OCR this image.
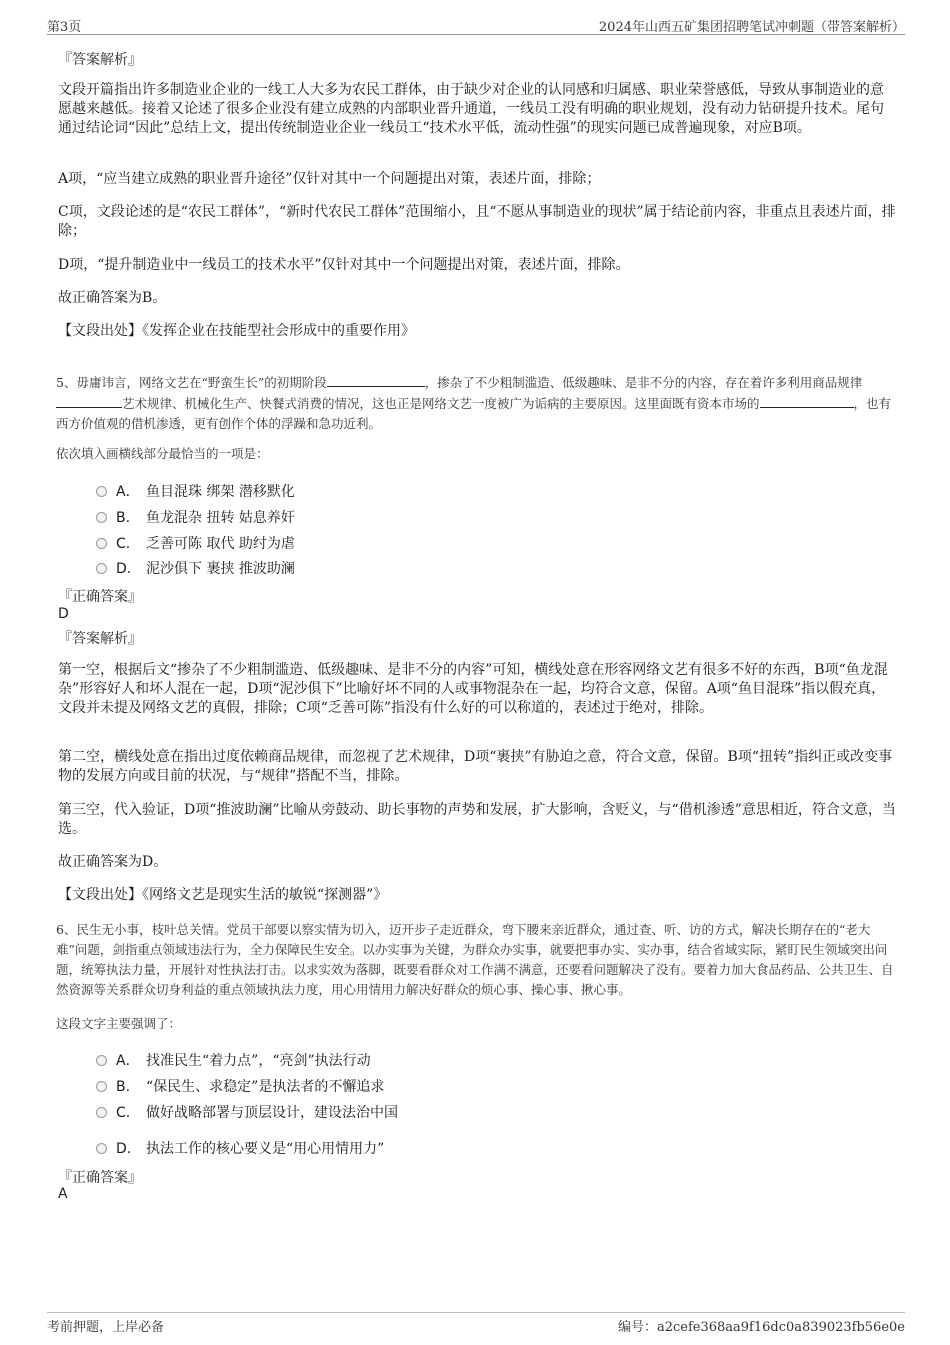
第3页	2024年山西五矿集团招聘笔试冲刺题（带答案解析）
『答案解析』
文段开篇指出许多制造业企业的一线工人大多为农民工群体，由于缺少对企业的认同感和归属感、职业荣誉感低，导致从事制造业的意愿越来越低。接着又论述了很多企业没有建立成熟的内部职业晋升通道，一线员工没有明确的职业规划，没有动力钻研提升技术。尾句通过结论词“因此”总结上文，提出传统制造业企业一线员工“技术水平低，流动性强”的现实问题已成普遍现象，对应B项。
A项，“应当建立成熟的职业晋升途径”仅针对其中一个问题提出对策，表述片面，排除；
C项，文段论述的是“农民工群体”，“新时代农民工群体”范围缩小，且“不愿从事制造业的现状”属于结论前内容，非重点且表述片面，排除；
D项，“提升制造业中一线员工的技术水平”仅针对其中一个问题提出对策，表述片面，排除。
故正确答案为B。
【文段出处】《发挥企业在技能型社会形成中的重要作用》
5、毋庸讳言，网络文艺在“野蛮生长”的初期阶段	，掺杂了不少粗制滥造、低级趣味、是非不分的内容，存在着许多利用商品规律艺术规律、机械化生产、快餐式消费的情况，这也正是网络文艺一度被广为诟病的主要原因。这里面既有资本市场的	，也有西方价值观的借机渗透，更有创作个体的浮躁和急功近利。
依次填入画横线部分最恰当的一项是：
A． 鱼目混珠 绑架 潜移默化
B. 鱼龙混杂 扭转 姑息养奸
C. 乏善可陈 取代 助纣为虐
D. 泥沙俱下 裹挟 推波助澜
『正确答案』
D
『答案解析』
第一空，根据后文“掺杂了不少粗制滥造、低级趣味、是非不分的内容”可知，横线处意在形容网络文艺有很多不好的东西，B项“鱼龙混杂”形容好人和坏人混在一起，D项“泥沙俱下”比喻好坏不同的人或事物混杂在一起，均符合文意，保留。A项“鱼目混珠”指以假充真，文段并未提及网络文艺的真假，排除；C项“乏善可陈”指没有什么好的可以称道的，表述过于绝对，排除。
第二空，横线处意在指出过度依赖商品规律，而忽视了艺术规律，D项“裹挟”有胁迫之意，符合文意，保留。B项“扭转”指纠正或改变事物的发展方向或目前的状况，与“规律”搭配不当，排除。
第三空，代入验证，D项“推波助澜”比喻从旁鼓动、助长事物的声势和发展，扩大影响，含贬义，与“借机渗透”意思相近，符合文意，当选。
故正确答案为D。
【文段出处】《网络文艺是现实生活的敏锐“探测器”》
6、民生无小事，枝叶总关情。党员干部要以察实情为切入，迈开步子走近群众，弯下腰来亲近群众，通过查、听、访的方式，解决长期存在的“老大难”问题，剑指重点领域违法行为，全力保障民生安全。以办实事为关键，为群众办实事，就要把事办实、实办事，结合省域实际，紧盯民生领域突出问题，统筹执法力量，开展针对性执法打击。以求实效为落脚，既要看群众对工作满不满意，还要看问题解决了没有。要着力加大食品药品、公共卫生、自然资源等关系群众切身利益的重点领域执法力度，用心用情用力解决好群众的烦心事、操心事、揪心事。
这段文字主要强调了：
A． 找准民生“着力点”，“亮剑”执法行动
B. “保民生、求稳定”是执法者的不懈追求
C. 做好战略部署与顶层设计，建设法治中国
D. 执法工作的核心要义是“用心用情用力”
『正确答案』
A
考前押题，上岸必备	编号：a2cefe368aa9f16dc0a839023fb56e0e
